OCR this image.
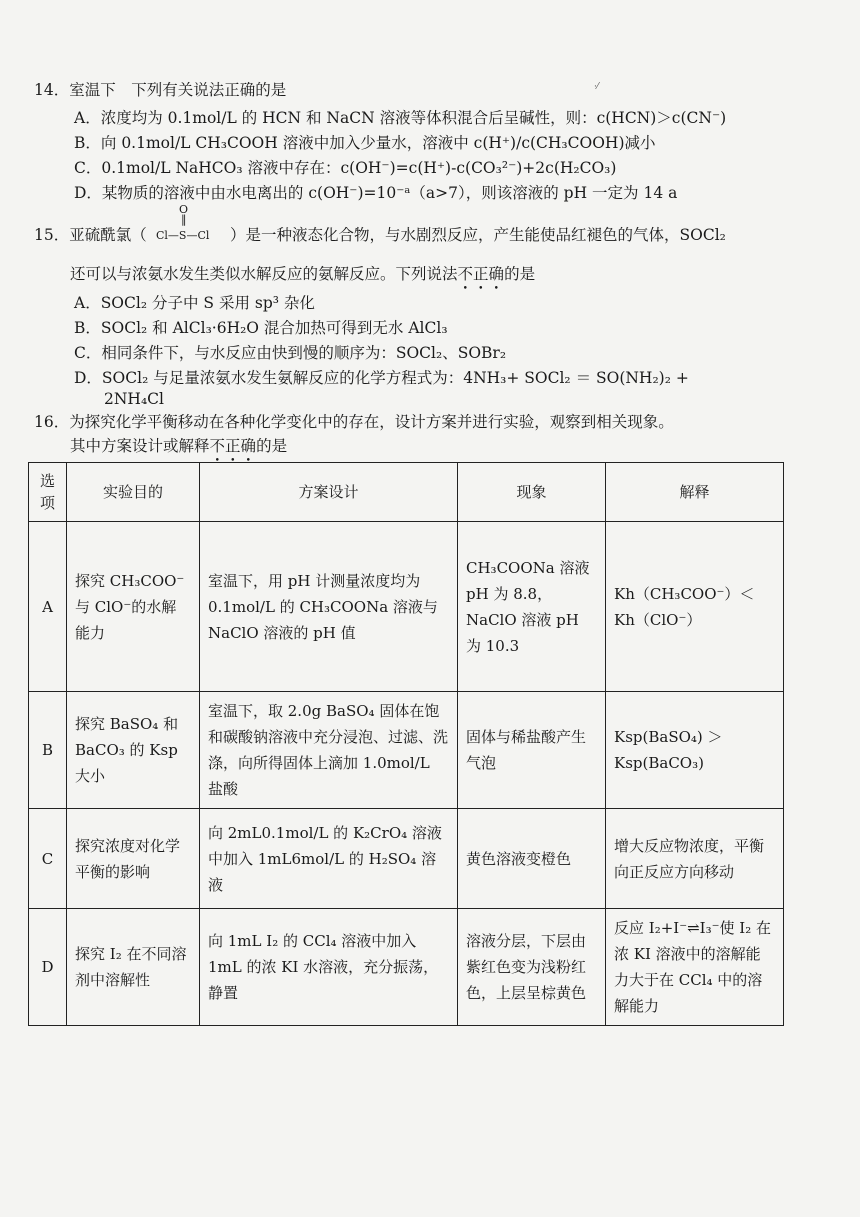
·⁄
14．室温下　下列有关说法正确的是
A．浓度均为 0.1mol/L 的 HCN 和 NaCN 溶液等体积混合后呈碱性，则：c(HCN)＞c(CN⁻)
B．向 0.1mol/L CH₃COOH 溶液中加入少量水，溶液中 c(H⁺)/c(CH₃COOH)减小
C．0.1mol/L NaHCO₃ 溶液中存在：c(OH⁻)=c(H⁺)-c(CO₃²⁻)+2c(H₂CO₃)
D．某物质的溶液中由水电离出的 c(OH⁻)=10⁻ᵃ（a>7），则该溶液的 pH 一定为 14 a
15．亚硫酰氯（
O
‖
Cl—S—Cl ）是一种液态化合物，与水剧烈反应，产生能使品红褪色的气体，SOCl₂
还可以与浓氨水发生类似水解反应的氨解反应。下列说法不正确的是
A．SOCl₂ 分子中 S 采用 sp³ 杂化
B．SOCl₂ 和 AlCl₃·6H₂O 混合加热可得到无水 AlCl₃
C．相同条件下，与水反应由快到慢的顺序为：SOCl₂、SOBr₂
D．SOCl₂ 与足量浓氨水发生氨解反应的化学方程式为：4NH₃+ SOCl₂ ＝ SO(NH₂)₂ +
2NH₄Cl
16．为探究化学平衡移动在各种化学变化中的存在，设计方案并进行实验，观察到相关现象。
其中方案设计或解释不正确的是
选项	实验目的	方案设计	现象	解释
A	探究 CH₃COO⁻与 ClO⁻的水解能力	室温下，用 pH 计测量浓度均为 0.1mol/L 的 CH₃COONa 溶液与 NaClO 溶液的 pH 值	CH₃COONa 溶液 pH 为 8.8，NaClO 溶液 pH 为 10.3	Kh（CH₃COO⁻）＜Kh（ClO⁻）
B	探究 BaSO₄ 和 BaCO₃ 的 Ksp 大小	室温下，取 2.0g BaSO₄ 固体在饱和碳酸钠溶液中充分浸泡、过滤、洗涤，向所得固体上滴加 1.0mol/L 盐酸	固体与稀盐酸产生气泡	Ksp(BaSO₄) ＞ Ksp(BaCO₃)
C	探究浓度对化学平衡的影响	向 2mL0.1mol/L 的 K₂CrO₄ 溶液中加入 1mL6mol/L 的 H₂SO₄ 溶液	黄色溶液变橙色	增大反应物浓度，平衡向正反应方向移动
D	探究 I₂ 在不同溶剂中溶解性	向 1mL I₂ 的 CCl₄ 溶液中加入 1mL 的浓 KI 水溶液，充分振荡，静置	溶液分层，下层由紫红色变为浅粉红色，上层呈棕黄色	反应 I₂+I⁻⇌I₃⁻使 I₂ 在浓 KI 溶液中的溶解能力大于在 CCl₄ 中的溶解能力
